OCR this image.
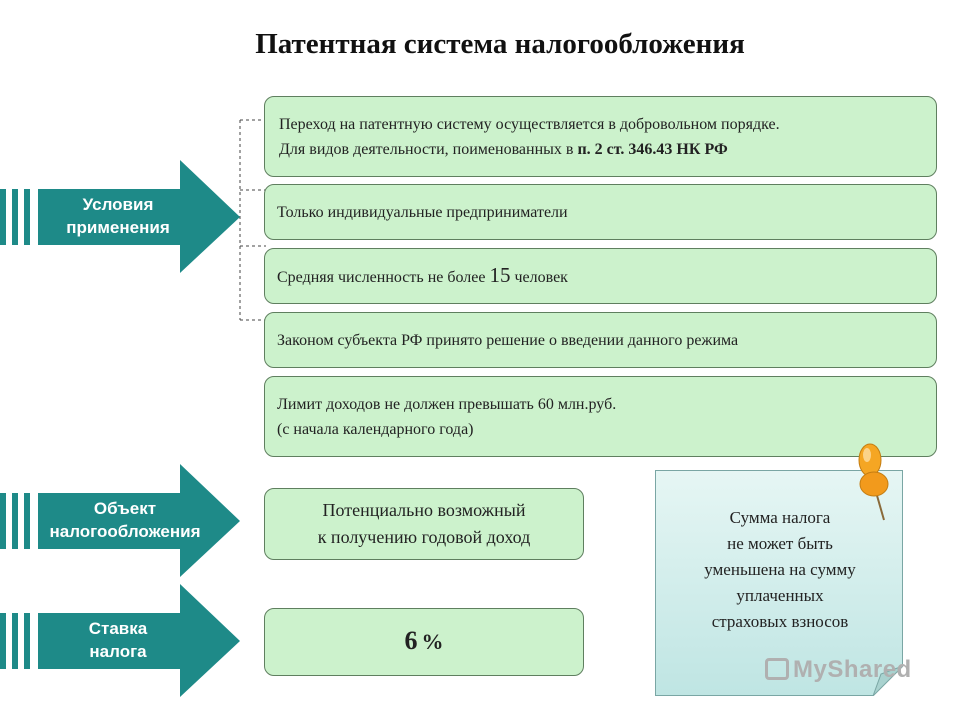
Патентная система налогообложения
Условия
применения
Объект
налогообложения
Ставка
налога
Переход на патентную систему осуществляется в добровольном порядке.
Для видов деятельности, поименованных в п. 2 ст. 346.43 НК РФ
Только индивидуальные предприниматели
Средняя численность не более 15 человек
Законом субъекта РФ принято решение о введении данного режима
Лимит доходов не должен превышать 60 млн.руб.
(с начала календарного года)
Потенциально возможный
к получению годовой доход
6 %
Сумма налога
не может быть
уменьшена на сумму
уплаченных
страховых взносов
MyShared
